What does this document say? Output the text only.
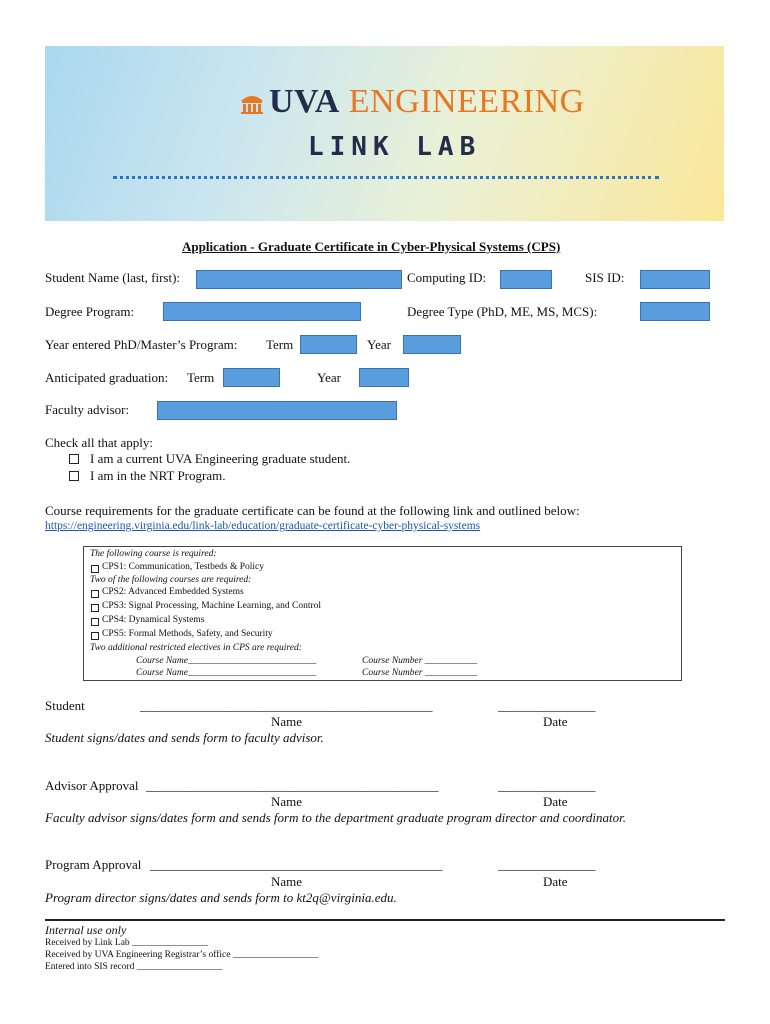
UVA ENGINEERING
LINK LAB
Application - Graduate Certificate in Cyber-Physical Systems (CPS)
Student Name (last, first):	Computing ID:	SIS ID:
Degree Program:	Degree Type (PhD, ME, MS, MCS):
Year entered PhD/Master’s Program: Term	Year
Anticipated graduation: Term	Year
Faculty advisor:
Check all that apply:
I am a current UVA Engineering graduate student.
I am in the NRT Program.
Course requirements for the graduate certificate can be found at the following link and outlined below:
https://engineering.virginia.edu/link-lab/education/graduate-certificate-cyber-physical-systems
The following course is required:
CPS1: Communication, Testbeds & Policy
Two of the following courses are required:
CPS2: Advanced Embedded Systems
CPS3: Signal Processing, Machine Learning, and Control
CPS4: Dynamical Systems
CPS5: Formal Methods, Safety, and Security
Two additional restricted electives in CPS are required:
Course Name___________________________	Course Number ___________
Course Name___________________________	Course Number ___________
Student	_____________________________________________	_______________
Name	Date
Student signs/dates and sends form to faculty advisor.
Advisor Approval _____________________________________________	_______________
Name	Date
Faculty advisor signs/dates form and sends form to the department graduate program director and coordinator.
Program Approval _____________________________________________	_______________
Name	Date
Program director signs/dates and sends form to kt2q@virginia.edu.
Internal use only
Received by Link Lab ________________
Received by UVA Engineering Registrar’s office __________________
Entered into SIS record __________________
